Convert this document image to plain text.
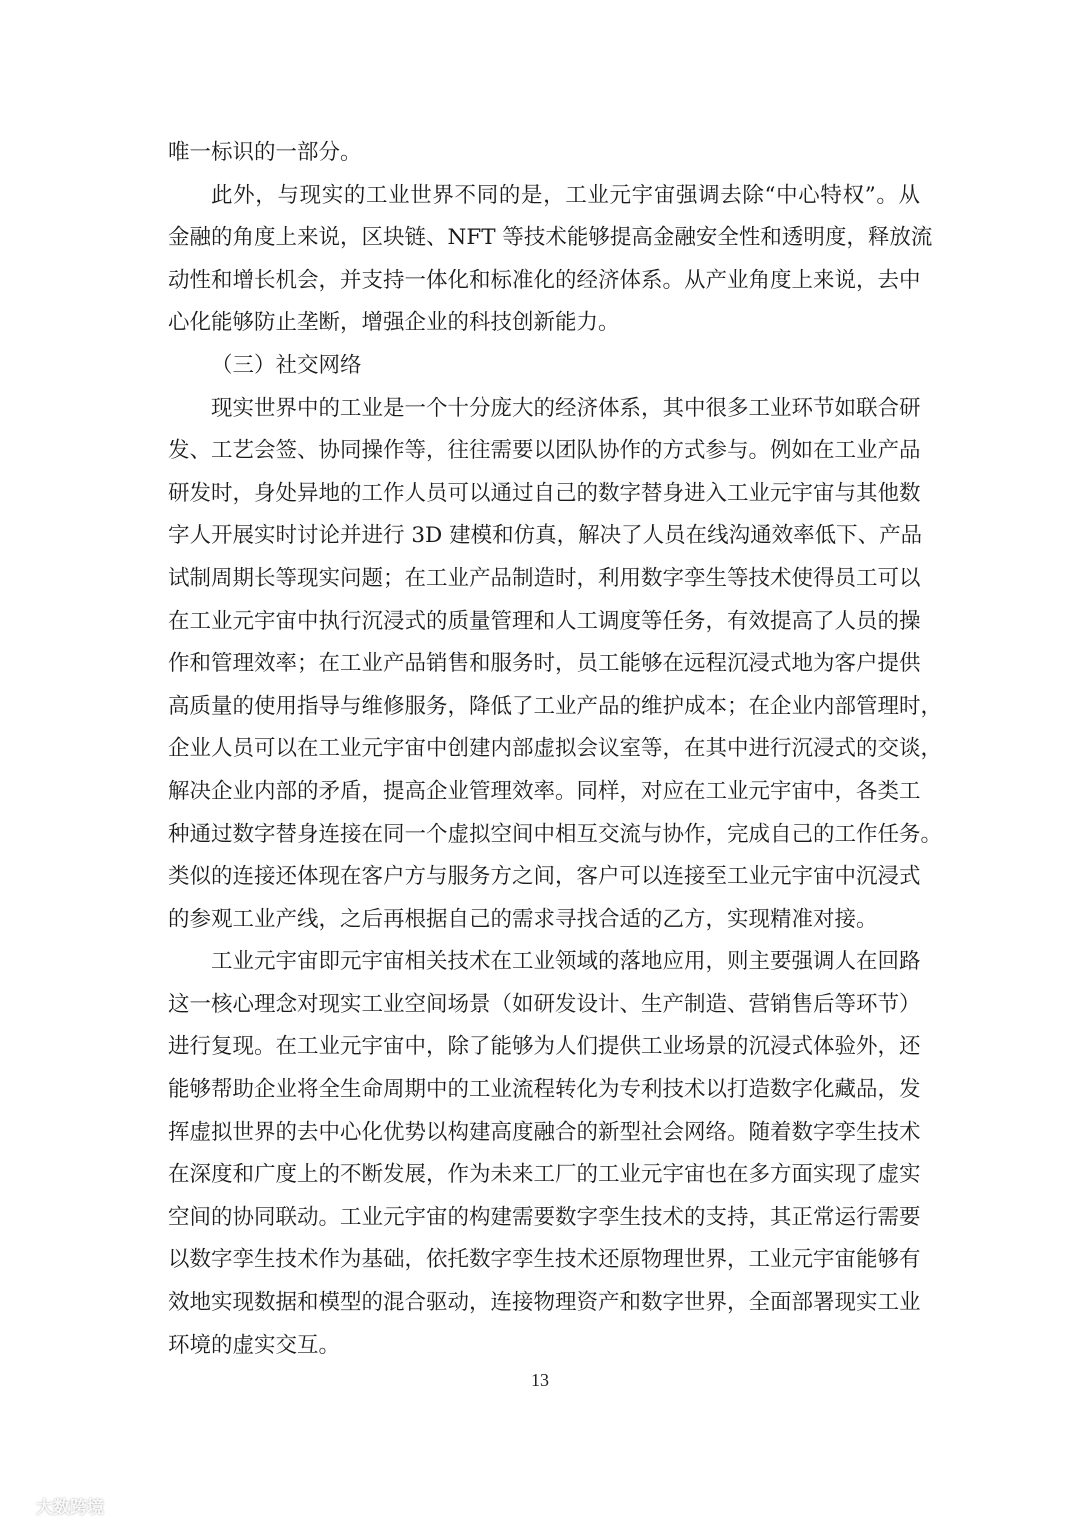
唯一标识的一部分。
此外，与现实的工业世界不同的是，工业元宇宙强调去除“中心特权”。从
金融的角度上来说，区块链、NFT 等技术能够提高金融安全性和透明度，释放流
动性和增长机会，并支持一体化和标准化的经济体系。从产业角度上来说，去中
心化能够防止垄断，增强企业的科技创新能力。
（三）社交网络
现实世界中的工业是一个十分庞大的经济体系，其中很多工业环节如联合研
发、工艺会签、协同操作等，往往需要以团队协作的方式参与。例如在工业产品
研发时，身处异地的工作人员可以通过自己的数字替身进入工业元宇宙与其他数
字人开展实时讨论并进行 3D 建模和仿真，解决了人员在线沟通效率低下、产品
试制周期长等现实问题；在工业产品制造时，利用数字孪生等技术使得员工可以
在工业元宇宙中执行沉浸式的质量管理和人工调度等任务，有效提高了人员的操
作和管理效率；在工业产品销售和服务时，员工能够在远程沉浸式地为客户提供
高质量的使用指导与维修服务，降低了工业产品的维护成本；在企业内部管理时，
企业人员可以在工业元宇宙中创建内部虚拟会议室等，在其中进行沉浸式的交谈，
解决企业内部的矛盾，提高企业管理效率。同样，对应在工业元宇宙中，各类工
种通过数字替身连接在同一个虚拟空间中相互交流与协作，完成自己的工作任务。
类似的连接还体现在客户方与服务方之间，客户可以连接至工业元宇宙中沉浸式
的参观工业产线，之后再根据自己的需求寻找合适的乙方，实现精准对接。
工业元宇宙即元宇宙相关技术在工业领域的落地应用，则主要强调人在回路
这一核心理念对现实工业空间场景（如研发设计、生产制造、营销售后等环节）
进行复现。在工业元宇宙中，除了能够为人们提供工业场景的沉浸式体验外，还
能够帮助企业将全生命周期中的工业流程转化为专利技术以打造数字化藏品，发
挥虚拟世界的去中心化优势以构建高度融合的新型社会网络。随着数字孪生技术
在深度和广度上的不断发展，作为未来工厂的工业元宇宙也在多方面实现了虚实
空间的协同联动。工业元宇宙的构建需要数字孪生技术的支持，其正常运行需要
以数字孪生技术作为基础，依托数字孪生技术还原物理世界，工业元宇宙能够有
效地实现数据和模型的混合驱动，连接物理资产和数字世界，全面部署现实工业
环境的虚实交互。
13
大数跨境
